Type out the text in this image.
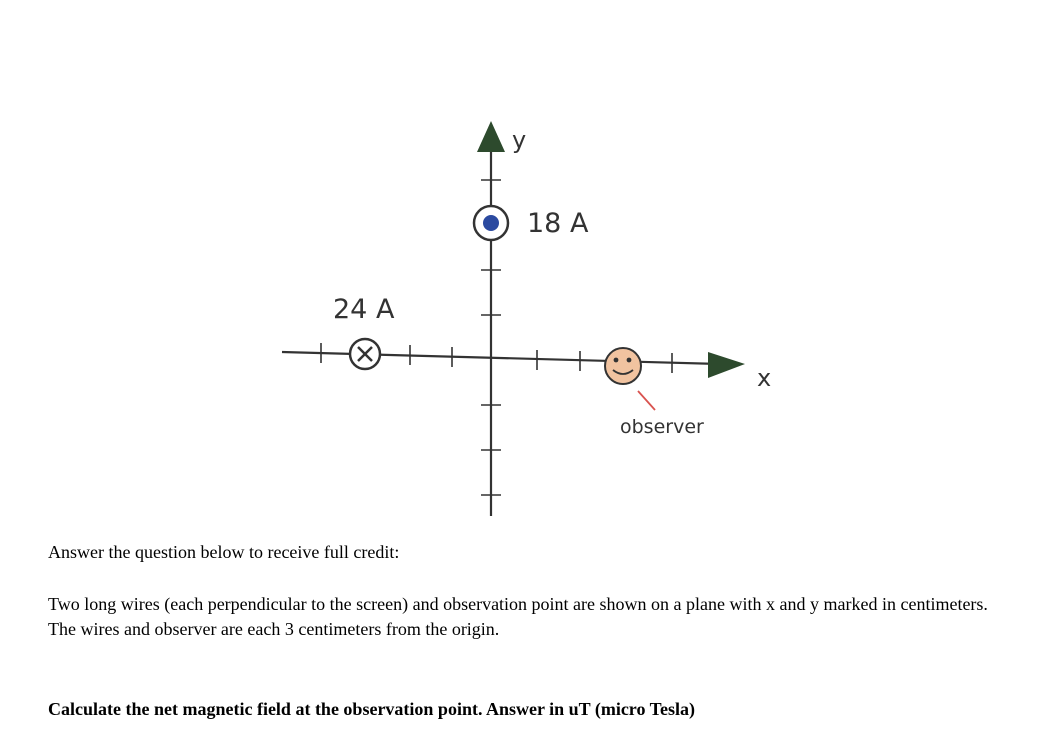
y
x
18 A
24 A
observer

Answer the question below to receive full credit:

Two long wires (each perpendicular to the screen) and observation point are shown on a plane with x and y marked in centimeters. The wires and observer are each 3 centimeters from the origin.

Calculate the net magnetic field at the observation point. Answer in uT (micro Tesla)
